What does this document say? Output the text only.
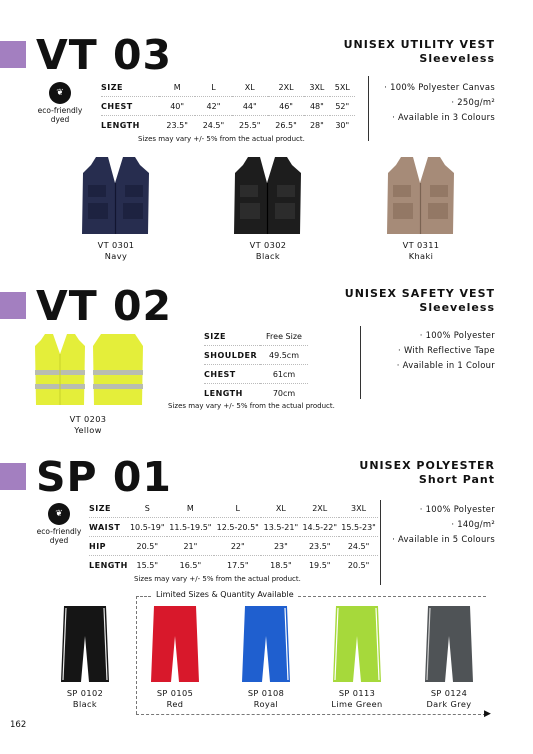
VT 03	UNISEX UTILITY VEST
Sleeveless
❦
eco-friendly dyed
SIZE	M	L	XL	2XL	3XL	5XL
CHEST	40"	42"	44"	46"	48"	52"
LENGTH	23.5"	24.5"	25.5"	26.5"	28"	30"
Sizes may vary +/- 5% from the actual product.
· 100% Polyester Canvas
· 250g/m²
· Available in 3 Colours
VT 0301
Navy
VT 0302
Black
VT 0311
Khaki
VT 02	UNISEX SAFETY VEST
Sleeveless
VT 0203
Yellow
SIZE	Free Size
SHOULDER	49.5cm
CHEST	61cm
LENGTH	70cm
Sizes may vary +/- 5% from the actual product.
· 100% Polyester
· With Reflective Tape
· Available in 1 Colour
SP 01	UNISEX POLYESTER
Short Pant
❦
eco-friendly dyed
SIZE	S	M	L	XL	2XL	3XL
WAIST	10.5-19"	11.5-19.5"	12.5-20.5"	13.5-21"	14.5-22"	15.5-23"
HIP	20.5"	21"	22"	23"	23.5"	24.5"
LENGTH	15.5"	16.5"	17.5"	18.5"	19.5"	20.5"
Sizes may vary +/- 5% from the actual product.
· 100% Polyester
· 140g/m²
· Available in 5 Colours
Limited Sizes & Quantity Available
▶
SP 0102
Black
SP 0105
Red
SP 0108
Royal
SP 0113
Lime Green
SP 0124
Dark Grey
162
